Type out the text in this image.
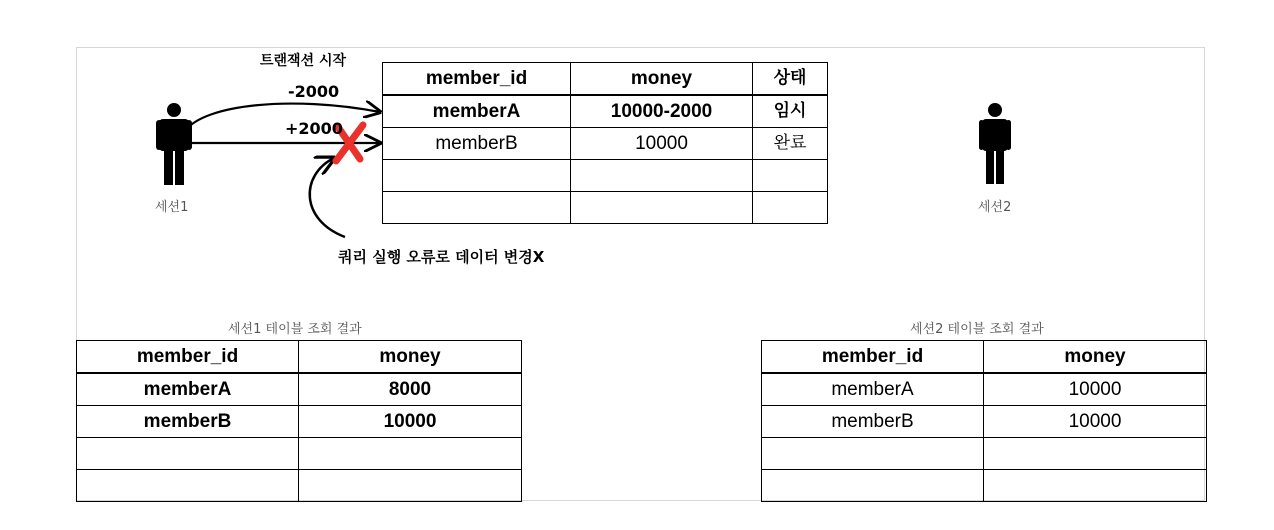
세션1	세션2
트랜잭션 시작
-2000
+2000
쿼리 실행 오류로 데이터 변경X
member_id	money	상태
memberA	10000-2000	임시
memberB	10000	완료

세션1 테이블 조회 결과
member_id	money
memberA	8000
memberB	10000

세션2 테이블 조회 결과
member_id	money
memberA	10000
memberB	10000
